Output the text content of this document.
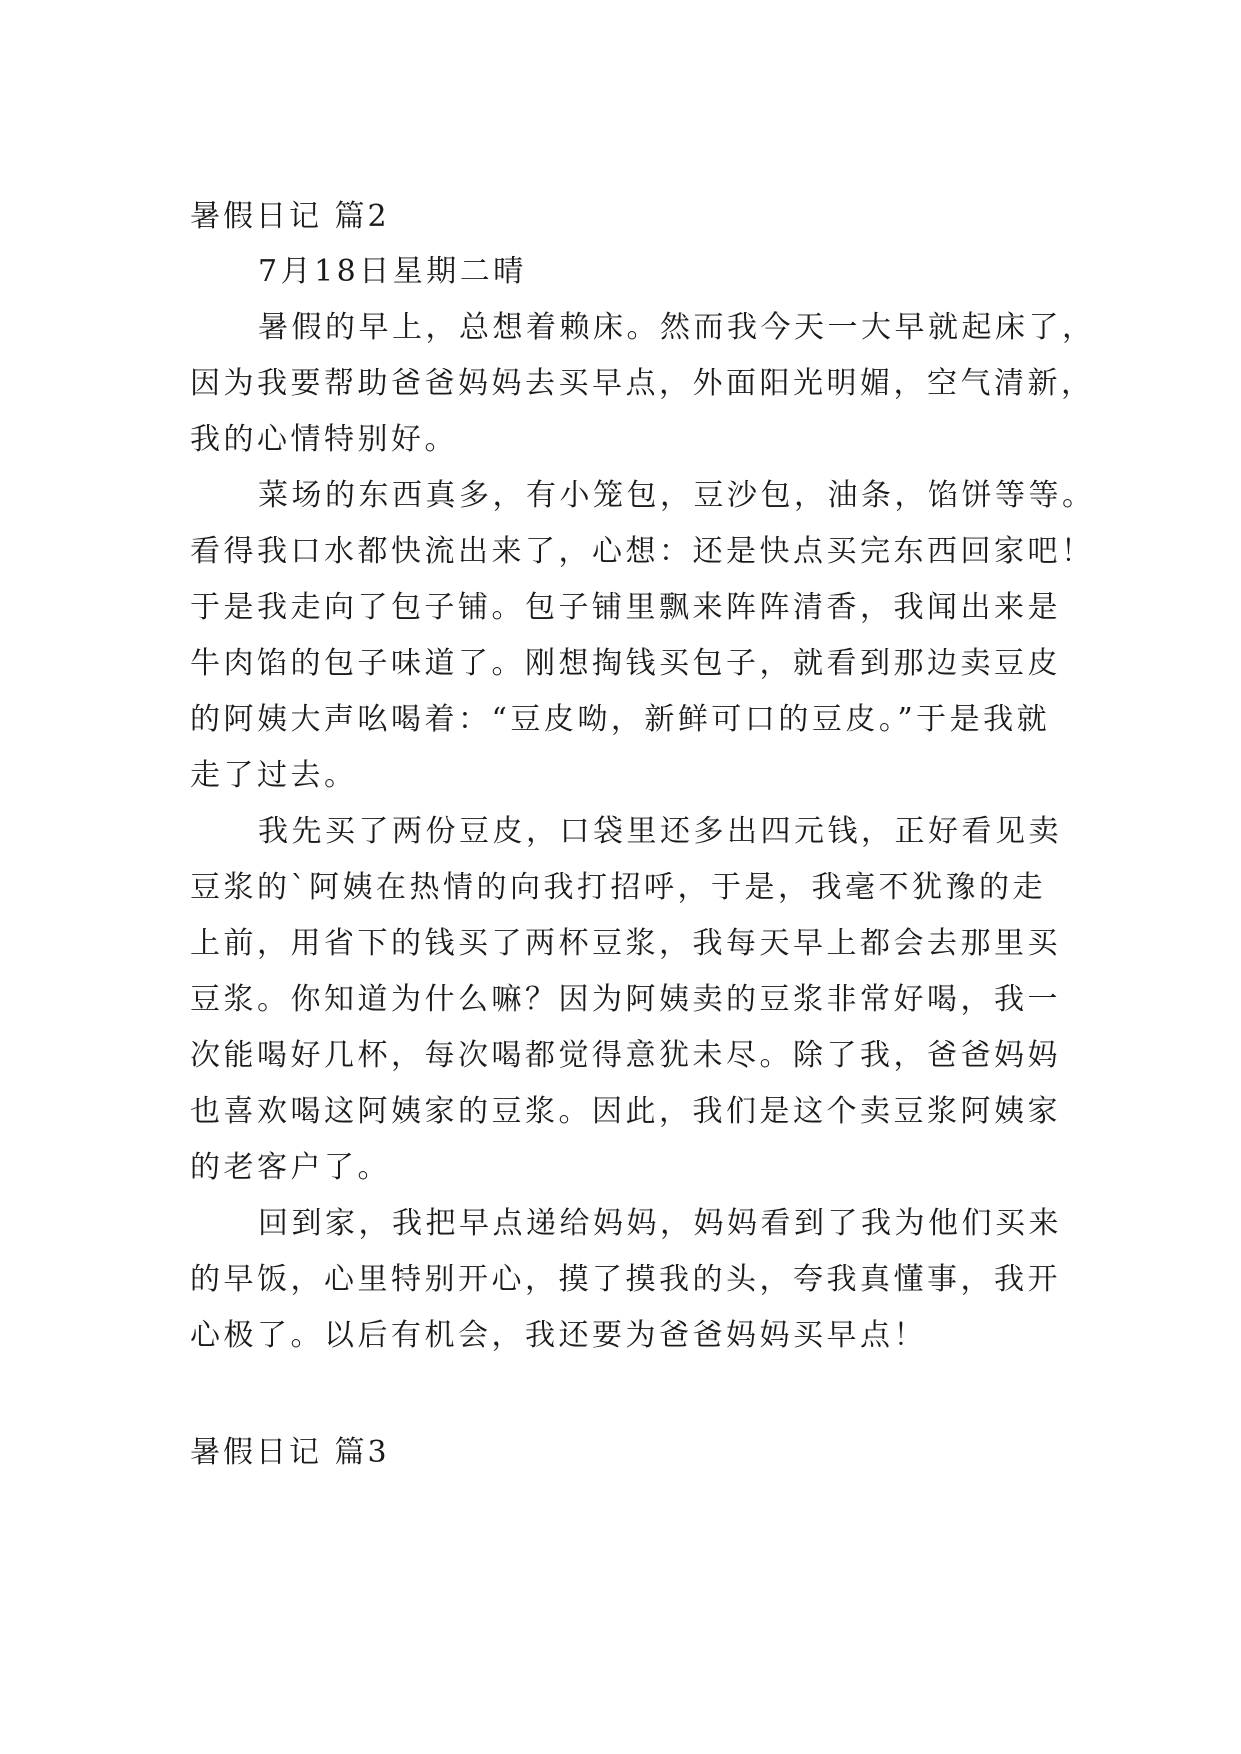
暑假日记 篇2
7月18日星期二晴
暑假的早上，总想着赖床。然而我今天一大早就起床了，
因为我要帮助爸爸妈妈去买早点，外面阳光明媚，空气清新，
我的心情特别好。
菜场的东西真多，有小笼包，豆沙包，油条，馅饼等等。
看得我口水都快流出来了，心想：还是快点买完东西回家吧！
于是我走向了包子铺。包子铺里飘来阵阵清香，我闻出来是
牛肉馅的包子味道了。刚想掏钱买包子，就看到那边卖豆皮
的阿姨大声吆喝着：“豆皮呦，新鲜可口的豆皮。”于是我就
走了过去。
我先买了两份豆皮，口袋里还多出四元钱，正好看见卖
豆浆的`阿姨在热情的向我打招呼，于是，我毫不犹豫的走
上前，用省下的钱买了两杯豆浆，我每天早上都会去那里买
豆浆。你知道为什么嘛？因为阿姨卖的豆浆非常好喝，我一
次能喝好几杯，每次喝都觉得意犹未尽。除了我，爸爸妈妈
也喜欢喝这阿姨家的豆浆。因此，我们是这个卖豆浆阿姨家
的老客户了。
回到家，我把早点递给妈妈，妈妈看到了我为他们买来
的早饭，心里特别开心，摸了摸我的头，夸我真懂事，我开
心极了。以后有机会，我还要为爸爸妈妈买早点！
暑假日记 篇3
